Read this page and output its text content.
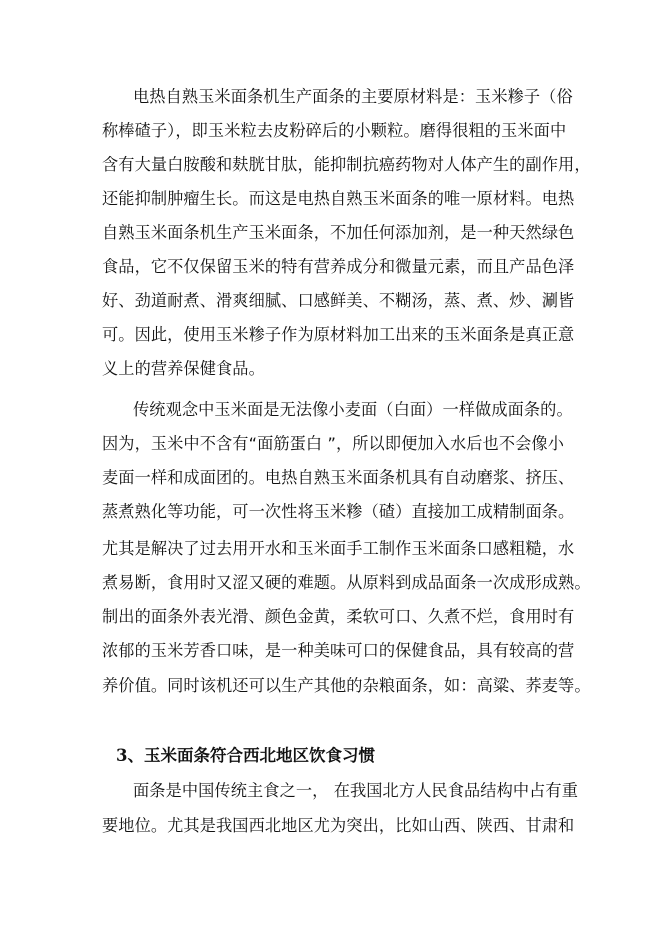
电热自熟玉米面条机生产面条的主要原材料是：玉米糁子（俗
称棒碴子），即玉米粒去皮粉碎后的小颗粒。磨得很粗的玉米面中
含有大量白胺酸和麸胱甘肽，能抑制抗癌药物对人体产生的副作用，
还能抑制肿瘤生长。而这是电热自熟玉米面条的唯一原材料。电热
自熟玉米面条机生产玉米面条，不加任何添加剂，是一种天然绿色
食品，它不仅保留玉米的特有营养成分和微量元素，而且产品色泽
好、劲道耐煮、滑爽细腻、口感鲜美、不糊汤，蒸、煮、炒、涮皆
可。因此，使用玉米糁子作为原材料加工出来的玉米面条是真正意
义上的营养保健食品。
传统观念中玉米面是无法像小麦面（白面）一样做成面条的。
因为，玉米中不含有“面筋蛋白 ”，所以即便加入水后也不会像小
麦面一样和成面团的。电热自熟玉米面条机具有自动磨浆、挤压、
蒸煮熟化等功能，可一次性将玉米糁（碴）直接加工成精制面条。
尤其是解决了过去用开水和玉米面手工制作玉米面条口感粗糙，水
煮易断，食用时又涩又硬的难题。从原料到成品面条一次成形成熟。
制出的面条外表光滑、颜色金黄，柔软可口、久煮不烂，食用时有
浓郁的玉米芳香口味，是一种美味可口的保健食品，具有较高的营
养价值。同时该机还可以生产其他的杂粮面条，如：高粱、荞麦等。
3、玉米面条符合西北地区饮食习惯
面条是中国传统主食之一， 在我国北方人民食品结构中占有重
要地位。尤其是我国西北地区尤为突出，比如山西、陕西、甘肃和
